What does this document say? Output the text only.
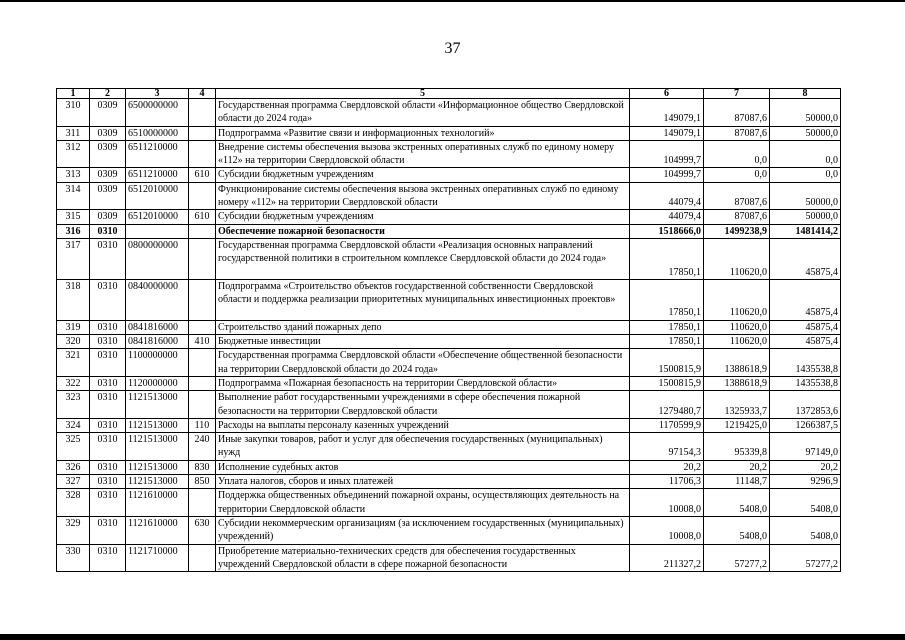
37
1	2	3	4	5	6	7	8
310	0309	6500000000		Государственная программа Свердловской области «Информационное общество Свердловской области до 2024 года»	149079,1	87087,6	50000,0
311	0309	6510000000		Подпрограмма «Развитие связи и информационных технологий»	149079,1	87087,6	50000,0
312	0309	6511210000		Внедрение системы обеспечения вызова экстренных оперативных служб по единому номеру «112» на территории Свердловской области	104999,7	0,0	0,0
313	0309	6511210000	610	Субсидии бюджетным учреждениям	104999,7	0,0	0,0
314	0309	6512010000		Функционирование системы обеспечения вызова экстренных оперативных служб по единому номеру «112» на территории Свердловской области	44079,4	87087,6	50000,0
315	0309	6512010000	610	Субсидии бюджетным учреждениям	44079,4	87087,6	50000,0
316	0310			Обеспечение пожарной безопасности	1518666,0	1499238,9	1481414,2
317	0310	0800000000		Государственная программа Свердловской области «Реализация основных направлений государственной политики в строительном комплексе Свердловской области до 2024 года»	17850,1	110620,0	45875,4
318	0310	0840000000		Подпрограмма «Строительство объектов государственной собственности Свердловской области и поддержка реализации приоритетных муниципальных инвестиционных проектов»	17850,1	110620,0	45875,4
319	0310	0841816000		Строительство зданий пожарных депо	17850,1	110620,0	45875,4
320	0310	0841816000	410	Бюджетные инвестиции	17850,1	110620,0	45875,4
321	0310	1100000000		Государственная программа Свердловской области «Обеспечение общественной безопасности на территории Свердловской области до 2024 года»	1500815,9	1388618,9	1435538,8
322	0310	1120000000		Подпрограмма «Пожарная безопасность на территории Свердловской области»	1500815,9	1388618,9	1435538,8
323	0310	1121513000		Выполнение работ государственными учреждениями в сфере обеспечения пожарной безопасности на территории Свердловской области	1279480,7	1325933,7	1372853,6
324	0310	1121513000	110	Расходы на выплаты персоналу казенных учреждений	1170599,9	1219425,0	1266387,5
325	0310	1121513000	240	Иные закупки товаров, работ и услуг для обеспечения государственных (муниципальных) нужд	97154,3	95339,8	97149,0
326	0310	1121513000	830	Исполнение судебных актов	20,2	20,2	20,2
327	0310	1121513000	850	Уплата налогов, сборов и иных платежей	11706,3	11148,7	9296,9
328	0310	1121610000		Поддержка общественных объединений пожарной охраны, осуществляющих деятельность на территории Свердловской области	10008,0	5408,0	5408,0
329	0310	1121610000	630	Субсидии некоммерческим организациям (за исключением государственных (муниципальных) учреждений)	10008,0	5408,0	5408,0
330	0310	1121710000		Приобретение материально-технических средств для обеспечения государственных учреждений Свердловской области в сфере пожарной безопасности	211327,2	57277,2	57277,2
